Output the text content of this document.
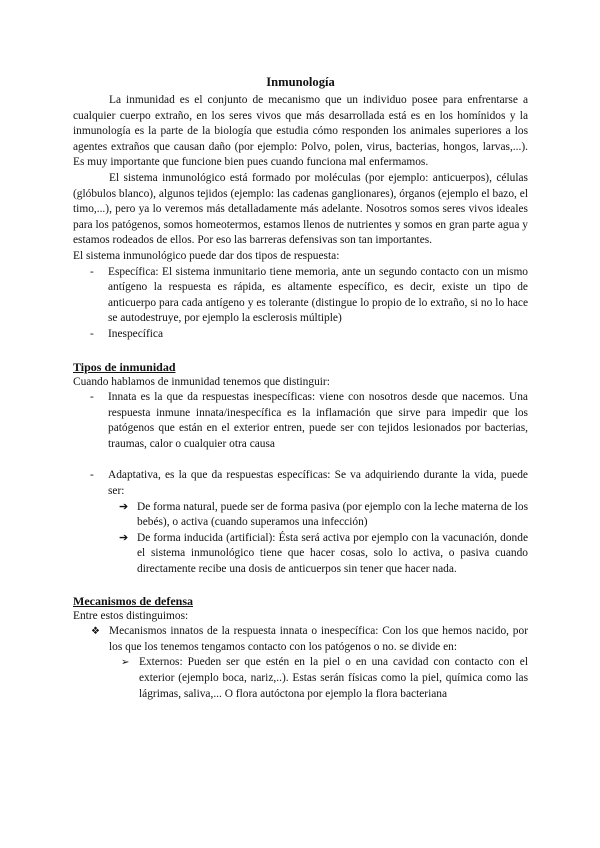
Inmunología

La inmunidad es el conjunto de mecanismo que un individuo posee para enfrentarse a cualquier cuerpo extraño, en los seres vivos que más desarrollada está es en los homínidos y la inmunología es la parte de la biología que estudia cómo responden los animales superiores a los agentes extraños que causan daño (por ejemplo: Polvo, polen, virus, bacterias, hongos, larvas,...). Es muy importante que funcione bien pues cuando funciona mal enfermamos.

El sistema inmunológico está formado por moléculas (por ejemplo: anticuerpos), células (glóbulos blanco), algunos tejidos (ejemplo: las cadenas ganglionares), órganos (ejemplo el bazo, el timo,...), pero ya lo veremos más detalladamente más adelante. Nosotros somos seres vivos ideales para los patógenos, somos homeotermos, estamos llenos de nutrientes y somos en gran parte agua y estamos rodeados de ellos. Por eso las barreras defensivas son tan importantes.

El sistema inmunológico puede dar dos tipos de respuesta:

- Específica: El sistema inmunitario tiene memoria, ante un segundo contacto con un mismo antígeno la respuesta es rápida, es altamente específico, es decir, existe un tipo de anticuerpo para cada antígeno y es tolerante (distingue lo propio de lo extraño, si no lo hace se autodestruye, por ejemplo la esclerosis múltiple)
- Inespecífica
Tipos de inmunidad

Cuando hablamos de inmunidad tenemos que distinguir:

- Innata es la que da respuestas inespecíficas: viene con nosotros desde que nacemos. Una respuesta inmune innata/inespecífica es la inflamación que sirve para impedir que los patógenos que están en el exterior entren, puede ser con tejidos lesionados por bacterias, traumas, calor o cualquier otra causa
- Adaptativa, es la que da respuestas específicas: Se va adquiriendo durante la vida, puede ser:
➔ De forma natural, puede ser de forma pasiva (por ejemplo con la leche materna de los bebés), o activa (cuando superamos una infección)
➔ De forma inducida (artificial): Ésta será activa por ejemplo con la vacunación, donde el sistema inmunológico tiene que hacer cosas, solo lo activa, o pasiva cuando directamente recibe una dosis de anticuerpos sin tener que hacer nada.
Mecanismos de defensa

Entre estos distinguimos:

❖ Mecanismos innatos de la respuesta innata o inespecífica: Con los que hemos nacido, por los que los tenemos tengamos contacto con los patógenos o no. se divide en:
➢ Externos: Pueden ser que estén en la piel o en una cavidad con contacto con el exterior (ejemplo boca, nariz,..). Estas serán físicas como la piel, química como las lágrimas, saliva,... O flora autóctona por ejemplo la flora bacteriana
